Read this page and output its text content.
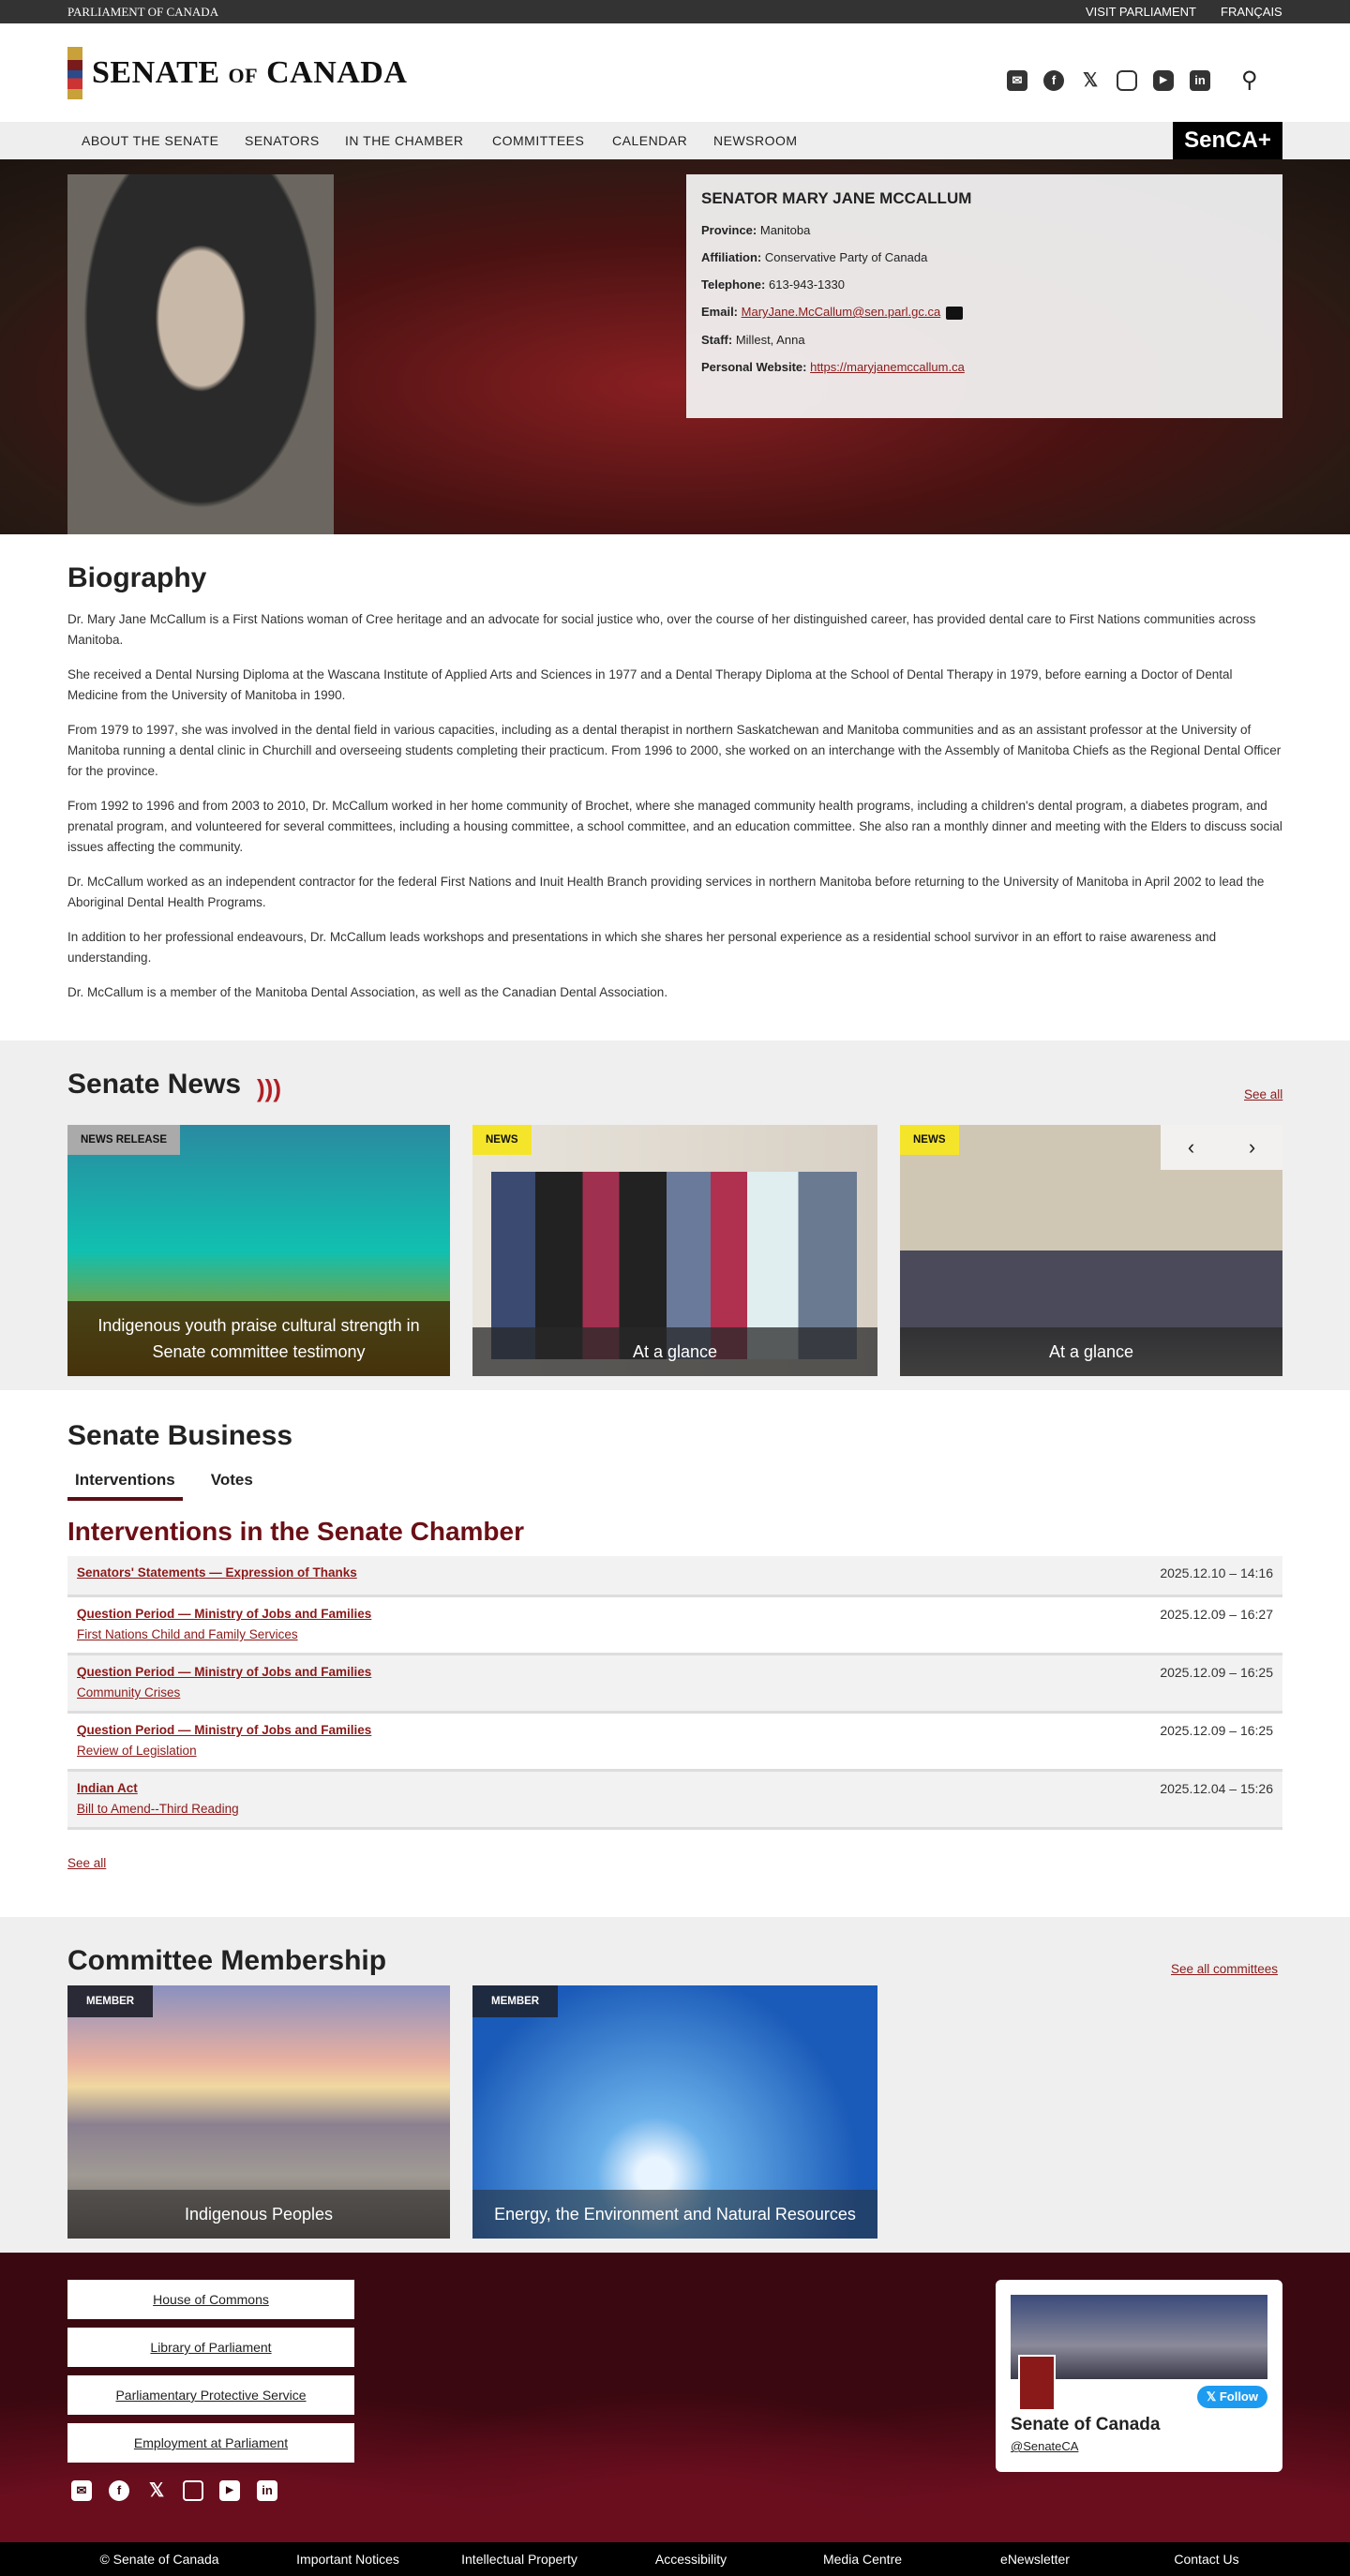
PARLIAMENT OF CANADA	VISIT PARLIAMENT FRANÇAIS
SENATE OF CANADA	✉	f	𝕏	▶	in ⚲
ABOUT THE SENATE SENATORS IN THE CHAMBER COMMITTEES CALENDAR NEWSROOM	SenCA+
SENATOR MARY JANE MCCALLUM

Province: Manitoba

Affiliation: Conservative Party of Canada

Telephone: 613-943-1330

Email: MaryJane.McCallum@sen.parl.gc.ca

Staff: Millest, Anna

Personal Website: https://maryjanemccallum.ca

Biography

Dr. Mary Jane McCallum is a First Nations woman of Cree heritage and an advocate for social justice who, over the course of her distinguished career, has provided dental care to First Nations communities across Manitoba.

She received a Dental Nursing Diploma at the Wascana Institute of Applied Arts and Sciences in 1977 and a Dental Therapy Diploma at the School of Dental Therapy in 1979, before earning a Doctor of Dental Medicine from the University of Manitoba in 1990.

From 1979 to 1997, she was involved in the dental field in various capacities, including as a dental therapist in northern Saskatchewan and Manitoba communities and as an assistant professor at the University of Manitoba running a dental clinic in Churchill and overseeing students completing their practicum. From 1996 to 2000, she worked on an interchange with the Assembly of Manitoba Chiefs as the Regional Dental Officer for the province.

From 1992 to 1996 and from 2003 to 2010, Dr. McCallum worked in her home community of Brochet, where she managed community health programs, including a children's dental program, a diabetes program, and prenatal program, and volunteered for several committees, including a housing committee, a school committee, and an education committee. She also ran a monthly dinner and meeting with the Elders to discuss social issues affecting the community.

Dr. McCallum worked as an independent contractor for the federal First Nations and Inuit Health Branch providing services in northern Manitoba before returning to the University of Manitoba in April 2002 to lead the Aboriginal Dental Health Programs.

In addition to her professional endeavours, Dr. McCallum leads workshops and presentations in which she shares her personal experience as a residential school survivor in an effort to raise awareness and understanding.

Dr. McCallum is a member of the Manitoba Dental Association, as well as the Canadian Dental Association.

Senate News )))	See all
NEWS RELEASE
Indigenous youth praise cultural strength in Senate committee testimony
NEWS
At a glance
NEWS	‹	›
At a glance
Senate Business
Interventions	Votes
Interventions in the Senate Chamber
Senators' Statements — Expression of Thanks	2025.12.10 – 14:16
Question Period — Ministry of Jobs and Families
First Nations Child and Family Services
2025.12.09 – 16:27
Question Period — Ministry of Jobs and Families
Community Crises
2025.12.09 – 16:25
Question Period — Ministry of Jobs and Families
Review of Legislation
2025.12.09 – 16:25
Indian Act
Bill to Amend--Third Reading
2025.12.04 – 15:26
See all
Committee Membership	See all committees
MEMBER
Indigenous Peoples
MEMBER
Energy, the Environment and Natural Resources
House of Commons
Library of Parliament
Parliamentary Protective Service
Employment at Parliament
✉	f	𝕏	▶	in
𝕏 Follow
Senate of Canada
@SenateCA
© Senate of Canada	Important Notices	Intellectual Property	Accessibility	Media Centre	eNewsletter	Contact Us
